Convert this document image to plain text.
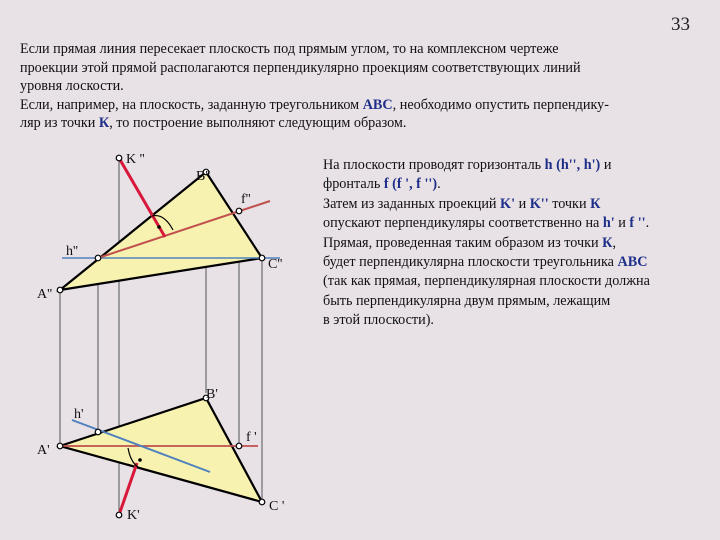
33

Если прямая линия пересекает плоскость под прямым углом, то на комплексном чертеже

проекции этой прямой располагаются перпендикулярно проекциям соответствующих линий

уровня лоскости.

Если, например, на плоскость, заданную треугольником АВС, необходимо опустить перпендику-

ляр из точки К, то построение выполняют следующим образом.

На плоскости проводят горизонталь h (h'', h') и

фронталь f (f ', f '').

Затем из заданных проекций K' и K'' точки К

опускают перпендикуляры соответственно на h' и f ''.

Прямая, проведенная таким образом из точки К,

будет перпендикулярна плоскости треугольника АВС

(так как прямая, перпендикулярная плоскости должна

быть перпендикулярна двум прямым, лежащим

в этой плоскости).

K ''
B''
f''
h''
C''
A''
B'
h'
f '
A'
K'
C '
